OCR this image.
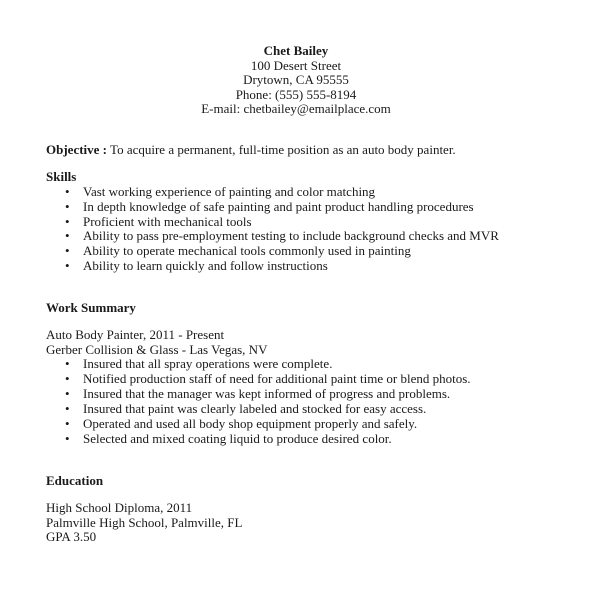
Chet Bailey
100 Desert Street
Drytown, CA 95555
Phone: (555) 555-8194
E-mail: chetbailey@emailplace.com
Objective : To acquire a permanent, full-time position as an auto body painter.
Skills
• Vast working experience of painting and color matching
• In depth knowledge of safe painting and paint product handling procedures
• Proficient with mechanical tools
• Ability to pass pre-employment testing to include background checks and MVR
• Ability to operate mechanical tools commonly used in painting
• Ability to learn quickly and follow instructions
Work Summary
Auto Body Painter, 2011 - Present
Gerber Collision & Glass - Las Vegas, NV
• Insured that all spray operations were complete.
• Notified production staff of need for additional paint time or blend photos.
• Insured that the manager was kept informed of progress and problems.
• Insured that paint was clearly labeled and stocked for easy access.
• Operated and used all body shop equipment properly and safely.
• Selected and mixed coating liquid to produce desired color.
Education
High School Diploma, 2011
Palmville High School, Palmville, FL
GPA 3.50
